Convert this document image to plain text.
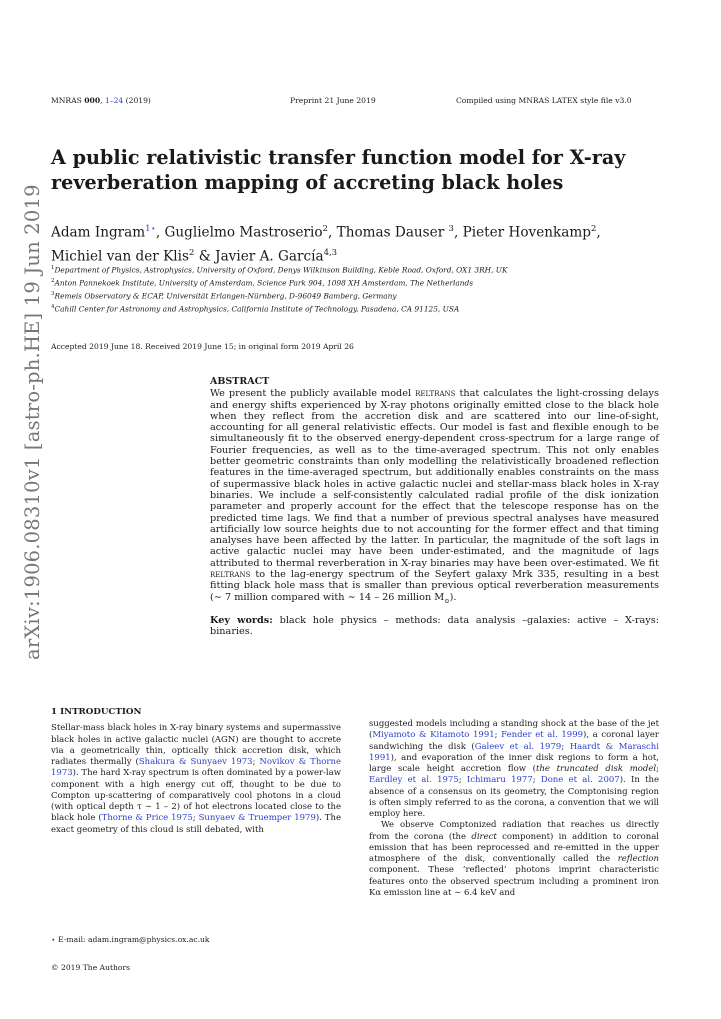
MNRAS 000, 1–24 (2019)	Preprint 21 June 2019	Compiled using MNRAS LATEX style file v3.0
arXiv:1906.08310v1 [astro-ph.HE] 19 Jun 2019
A public relativistic transfer function model for X-ray reverberation mapping of accreting black holes
Adam Ingram$^{1⋆}$, Guglielmo Mastroserio$^2$, Thomas Dauser $^3$, Pieter Hovenkamp$^2$,
Michiel van der Klis$^2$ & Javier A. García$^{4,3}$
$^1$Department of Physics, Astrophysics, University of Oxford, Denys Wilkinson Building, Keble Road, Oxford, OX1 3RH, UK
$^2$Anton Pannekoek Institute, University of Amsterdam, Science Park 904, 1098 XH Amsterdam, The Netherlands
$^3$Remeis Observatory & ECAP, Universität Erlangen-Nürnberg, D-96049 Bamberg, Germany
$^4$Cahill Center for Astronomy and Astrophysics, California Institute of Technology, Pasadena, CA 91125, USA
Accepted 2019 June 18. Received 2019 June 15; in original form 2019 April 26
ABSTRACT
We present the publicly available model reltrans that calculates the light-crossing delays and energy shifts experienced by X-ray photons originally emitted close to the black hole when they reflect from the accretion disk and are scattered into our line-of-sight, accounting for all general relativistic effects. Our model is fast and flexible enough to be simultaneously fit to the observed energy-dependent cross-spectrum for a large range of Fourier frequencies, as well as to the time-averaged spectrum. This not only enables better geometric constraints than only modelling the relativistically broadened reflection features in the time-averaged spectrum, but additionally enables constraints on the mass of supermassive black holes in active galactic nuclei and stellar-mass black holes in X-ray binaries. We include a self-consistently calculated radial profile of the disk ionization parameter and properly account for the effect that the telescope response has on the predicted time lags. We find that a number of previous spectral analyses have measured artificially low source heights due to not accounting for the former effect and that timing analyses have been affected by the latter. In particular, the magnitude of the soft lags in active galactic nuclei may have been under-estimated, and the magnitude of lags attributed to thermal reverberation in X-ray binaries may have been over-estimated. We fit reltrans to the lag-energy spectrum of the Seyfert galaxy Mrk 335, resulting in a best fitting black hole mass that is smaller than previous optical reverberation measurements (∼ 7 million compared with ∼ 14 – 26 million $M_⊙$).
Key words: black hole physics – methods: data analysis –galaxies: active – X-rays: binaries.
1 INTRODUCTION
Stellar-mass black holes in X-ray binary systems and supermassive black holes in active galactic nuclei (AGN) are thought to accrete via a geometrically thin, optically thick accretion disk, which radiates thermally (Shakura & Sunyaev 1973; Novikov & Thorne 1973). The hard X-ray spectrum is often dominated by a power-law component with a high energy cut off, thought to be due to Compton up-scattering of comparatively cool photons in a cloud (with optical depth τ ∼ 1 – 2) of hot electrons located close to the black hole (Thorne & Price 1975; Sunyaev & Truemper 1979). The exact geometry of this cloud is still debated, with

suggested models including a standing shock at the base of the jet (Miyamoto & Kitamoto 1991; Fender et al. 1999), a coronal layer sandwiching the disk (Galeev et al. 1979; Haardt & Maraschi 1991), and evaporation of the inner disk regions to form a hot, large scale height accretion flow (the truncated disk model; Eardley et al. 1975; Ichimaru 1977; Done et al. 2007). In the absence of a consensus on its geometry, the Comptonising region is often simply referred to as the corona, a convention that we will employ here.

We observe Comptonized radiation that reaches us directly from the corona (the direct component) in addition to coronal emission that has been reprocessed and re-emitted in the upper atmosphere of the disk, conventionally called the reflection component. These ‘reflected’ photons imprint characteristic features onto the observed spectrum including a prominent iron Kα emission line at ∼ 6.4 keV and

⋆ E-mail: adam.ingram@physics.ox.ac.uk
© 2019 The Authors
